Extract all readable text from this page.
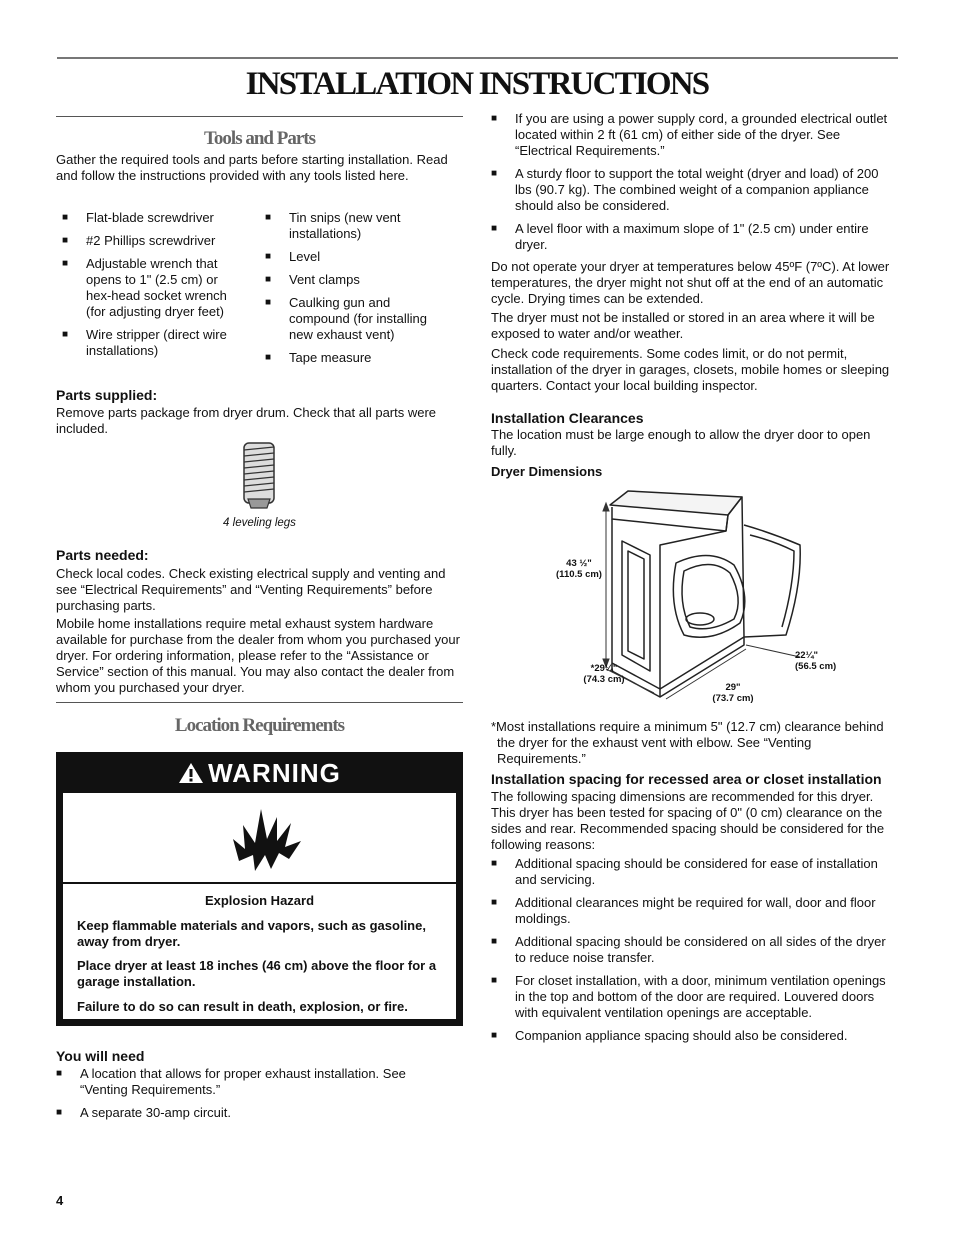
INSTALLATION INSTRUCTIONS
Tools and Parts

Gather the required tools and parts before starting installation. Read and follow the instructions provided with any tools listed here.

■ Flat-blade screwdriver
■ #2 Phillips screwdriver
■ Adjustable wrench that opens to 1" (2.5 cm) or hex-head socket wrench (for adjusting dryer feet)
■ Wire stripper (direct wire installations)
■ Tin snips (new vent installations)
■ Level
■ Vent clamps
■ Caulking gun and compound (for installing new exhaust vent)
■ Tape measure

Parts supplied:

Remove parts package from dryer drum. Check that all parts were included.

4 leveling legs

Parts needed:

Check local codes. Check existing electrical supply and venting and see “Electrical Requirements” and “Venting Requirements” before purchasing parts.

Mobile home installations require metal exhaust system hardware available for purchase from the dealer from whom you purchased your dryer. For ordering information, please refer to the “Assistance or Service” section of this manual. You may also contact the dealer from whom you purchased your dryer.

Location Requirements
WARNING

Explosion Hazard

Keep flammable materials and vapors, such as gasoline, away from dryer.

Place dryer at least 18 inches (46 cm) above the floor for a garage installation.

Failure to do so can result in death, explosion, or fire.

You will need

■ A location that allows for proper exhaust installation. See “Venting Requirements.”
■ A separate 30-amp circuit.
■ If you are using a power supply cord, a grounded electrical outlet located within 2 ft (61 cm) of either side of the dryer. See “Electrical Requirements.”
■ A sturdy floor to support the total weight (dryer and load) of 200 lbs (90.7 kg). The combined weight of a companion appliance should also be considered.
■ A level floor with a maximum slope of 1" (2.5 cm) under entire dryer.

Do not operate your dryer at temperatures below 45ºF (7ºC). At lower temperatures, the dryer might not shut off at the end of an automatic cycle. Drying times can be extended.

The dryer must not be installed or stored in an area where it will be exposed to water and/or weather.

Check code requirements. Some codes limit, or do not permit, installation of the dryer in garages, closets, mobile homes or sleeping quarters. Contact your local building inspector.

Installation Clearances

The location must be large enough to allow the dryer door to open fully.

Dryer Dimensions

43 ½"
(110.5 cm)
*29¼"
(74.3 cm)
29"
(73.7 cm)
22¼"
(56.5 cm)

*Most installations require a minimum 5" (12.7 cm) clearance behind the dryer for the exhaust vent with elbow. See “Venting Requirements.”

Installation spacing for recessed area or closet installation

The following spacing dimensions are recommended for this dryer. This dryer has been tested for spacing of 0" (0 cm) clearance on the sides and rear. Recommended spacing should be considered for the following reasons:

■ Additional spacing should be considered for ease of installation and servicing.
■ Additional clearances might be required for wall, door and floor moldings.
■ Additional spacing should be considered on all sides of the dryer to reduce noise transfer.
■ For closet installation, with a door, minimum ventilation openings in the top and bottom of the door are required. Louvered doors with equivalent ventilation openings are acceptable.
■ Companion appliance spacing should also be considered.

4
